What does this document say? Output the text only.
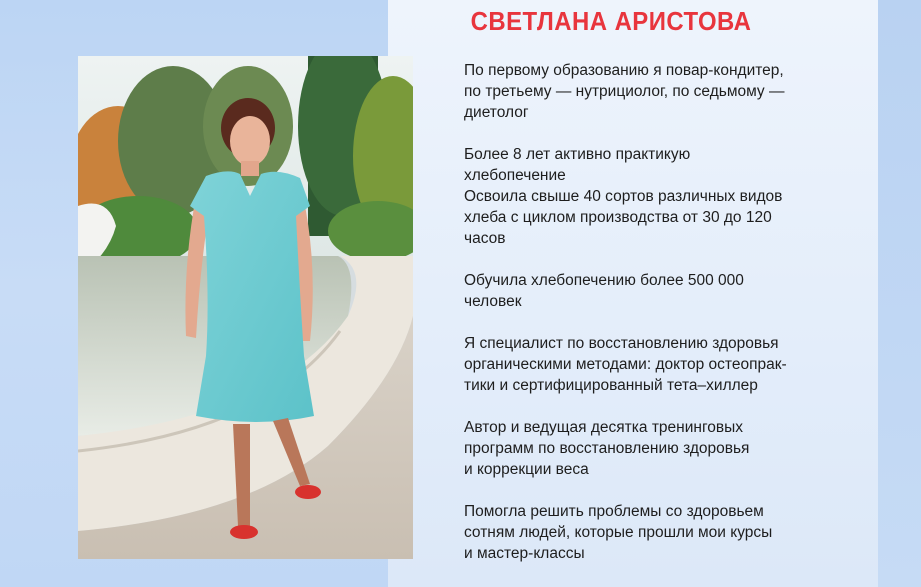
СВЕТЛАНА АРИСТОВА

По первому образованию я повар-кондитер,
по третьему — нутрициолог, по седьмому —
диетолог

Более 8 лет активно практикую
хлебопечение
Освоила свыше 40 сортов различных видов
хлеба с циклом производства от 30 до 120
часов

Обучила хлебопечению более 500 000
человек

Я специалист по восстановлению здоровья
органическими методами: доктор остеопрак-
тики и сертифицированный тета–хиллер

Автор и ведущая десятка тренинговых
программ по восстановлению здоровья
и коррекции веса

Помогла решить проблемы со здоровьем
сотням людей, которые прошли мои курсы
и мастер-классы
